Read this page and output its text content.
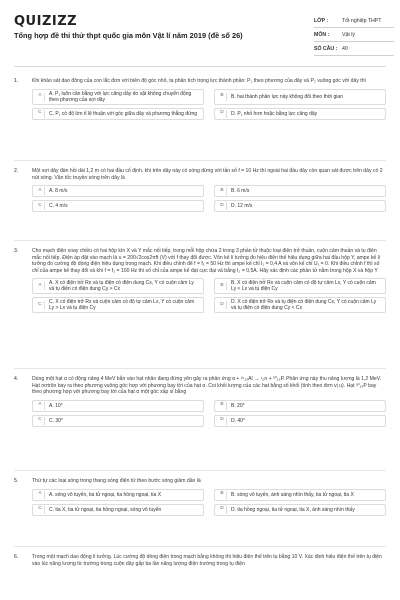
QUIZIZZ
Tổng hợp đề thi thử thpt quốc gia môn Vật lí năm 2019 (đề số 26)
LỚP :	Tốt nghiệp THPT
MÔN :	Vật lý
SỐ CÂU : 40
1.	Khi khảo sát dao động của con lắc đơn với biên độ góc nhỏ, ta phân tích trọng lực thành phần: P₁ theo phương của dây và P₂ vuông góc với dây thì
A	A. P₁ luôn cân bằng với lực căng dây do vật không chuyển động theo phương của sợi dây
B	B. hai thành phần lực này không đổi theo thời gian
C	C. P₁ có độ lớn tỉ lệ thuận với góc giữa dây và phương thẳng đứng	D	D. P₁ nhỏ hơn hoặc bằng lực căng dây
2.	Một sợi dây đàn hồi dài 1,2 m có hai đầu cố định, khi trên dây này có sóng dừng với tần số f = 10 Hz thì ngoài hai đầu dây còn quan sát được trên dây có 2 nút sóng. Vận tốc truyền sóng trên dây là
A	A. 8 m/s	B	B. 6 m/s
C	C. 4 m/s	D	D. 12 m/s
3.	Cho mạch điện xoay chiều có hai hộp kín X và Y mắc nối tiếp, trong mỗi hộp chứa 2 trong 3 phần tử thuộc loại điện trở thuần, cuộn cảm thuần và tụ điện mắc nối tiếp. Điện áp đặt vào mạch là u = 200√2cos2πft (V) với f thay đổi được. Vôn kế lí tưởng đo hiệu điện thế hiệu dụng giữa hai đầu hộp Y, ampe kế lí tưởng đo cường độ dòng điện hiệu dụng trong mạch. Khi điều chỉnh để f = f₁ = 50 Hz thì ampe kế chỉ I₁ = 0,4 A và vôn kế chỉ U₁ = 0. Khi điều chỉnh f thì số chỉ của ampe kế thay đổi và khi f = f₂ = 100 Hz thì số chỉ của ampe kế đạt cực đại và bằng I₂ = 0,5A. Hãy xác định các phần tử nằm trong hộp X và hộp Y
A	A. X có điện trở Rx và tụ điện có điện dung Cx, Y có cuộn cảm Ly và tụ điện có điện dung Cy > Cx
B	B. X có điện trở Rx và cuộn cảm có độ tự cảm Lx, Y có cuộn cảm Ly < Lx và tụ điện Cy
C	C. X có điện trở Rx và cuộn cảm có độ tự cảm Lx, Y có cuộn cảm Ly > Lx và tụ điện Cy
D	D. X có điện trở Rx và tụ điện có điện dung Cx, Y có cuộn cảm Ly và tụ điện có điện dung Cy < Cx
4.	Dùng một hạt α có động năng 4 MeV bắn vào hạt nhân đang đứng yên gây ra phản ứng α + ²⁷₁₃Al → ¹₀n + ³⁰₁₅P. Phản ứng này thu năng lượng là 1,2 MeV. Hạt nơtrôn bay ra theo phương vuông góc hợp với phương bay tới của hạt α. Coi khối lượng của các hạt bằng số khối (tính theo đơn vị u). Hạt ³⁰₁₅P bay theo phương hợp với phương bay tới của hạt α một góc xấp xỉ bằng
A	A. 10°	B	B. 20°
C	C. 30°	D	D. 40°
5.	Thứ tự các loại sóng trong thang sóng điện từ theo bước sóng giảm dần là
A	A. sóng vô tuyến, tia tử ngoại, tia hồng ngoại, tia X	B	B. sóng vô tuyến, ánh sáng nhìn thấy, tia tử ngoại, tia X
C	C. tia X, tia tử ngoại, tia hồng ngoại, sóng vô tuyến	D	D. tia hồng ngoại, tia tử ngoại, tia X, ánh sáng nhìn thấy
6.	Trong một mạch dao động lí tưởng. Lúc cường độ dòng điện trong mạch bằng không thì hiệu điện thế trên tụ bằng 10 V. Xác định hiệu điện thế trên tụ điện vào lúc năng lượng từ trường trong cuộn dây gấp ba lần năng lượng điện trường trong tụ điện
